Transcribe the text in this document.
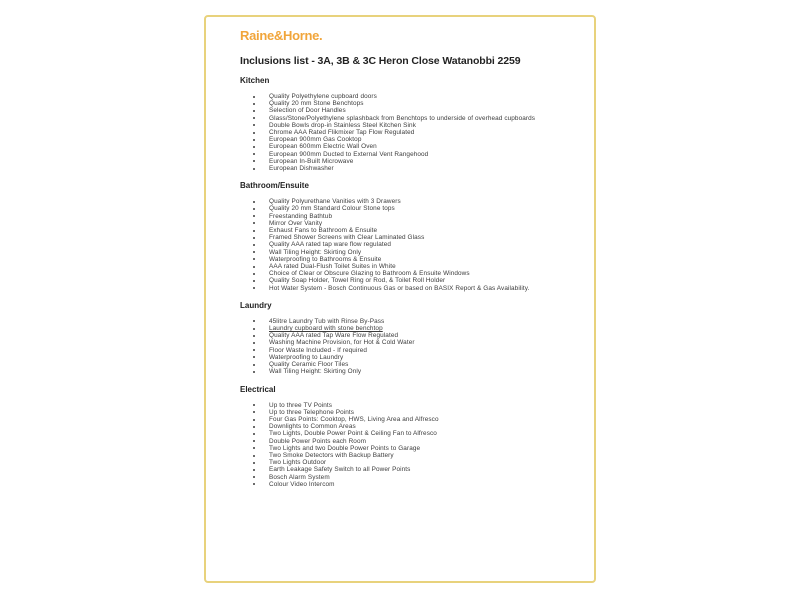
Raine&Horne.
Inclusions list - 3A, 3B & 3C Heron Close Watanobbi 2259
Kitchen
Quality Polyethylene cupboard doors
Quality 20 mm Stone Benchtops
Selection of Door Handles
Glass/Stone/Polyethylene splashback from Benchtops to underside of overhead cupboards
Double Bowls drop-in Stainless Steel Kitchen Sink
Chrome AAA Rated Flikmixer Tap Flow Regulated
European 900mm Gas Cooktop
European 600mm Electric Wall Oven
European 900mm Ducted to External Vent Rangehood
European In-Built Microwave
European Dishwasher
Bathroom/Ensuite
Quality Polyurethane Vanities with 3 Drawers
Quality 20 mm Standard Colour Stone tops
Freestanding Bathtub
Mirror Over Vanity
Exhaust Fans to Bathroom & Ensuite
Framed Shower Screens with Clear Laminated Glass
Quality AAA rated tap ware flow regulated
Wall Tiling Height: Skirting Only
Waterproofing to Bathrooms & Ensuite
AAA rated Dual-Flush Toilet Suites in White
Choice of Clear or Obscure Glazing to Bathroom & Ensuite Windows
Quality Soap Holder, Towel Ring or Rod, & Toilet Roll Holder
Hot Water System - Bosch Continuous Gas or based on BASIX Report & Gas Availability.
Laundry
45litre Laundry Tub with Rinse By-Pass
Laundry cupboard with stone benchtop
Quality AAA rated Tap Ware Flow Regulated
Washing Machine Provision, for Hot & Cold Water
Floor Waste Included - If required
Waterproofing to Laundry
Quality Ceramic Floor Tiles
Wall Tiling Height: Skirting Only
Electrical
Up to three TV Points
Up to three Telephone Points
Four Gas Points: Cooktop, HWS, Living Area and Alfresco
Downlights to Common Areas
Two Lights, Double Power Point & Ceiling Fan to Alfresco
Double Power Points each Room
Two Lights and two Double Power Points to Garage
Two Smoke Detectors with Backup Battery
Two Lights Outdoor
Earth Leakage Safety Switch to all Power Points
Bosch Alarm System
Colour Video Intercom
